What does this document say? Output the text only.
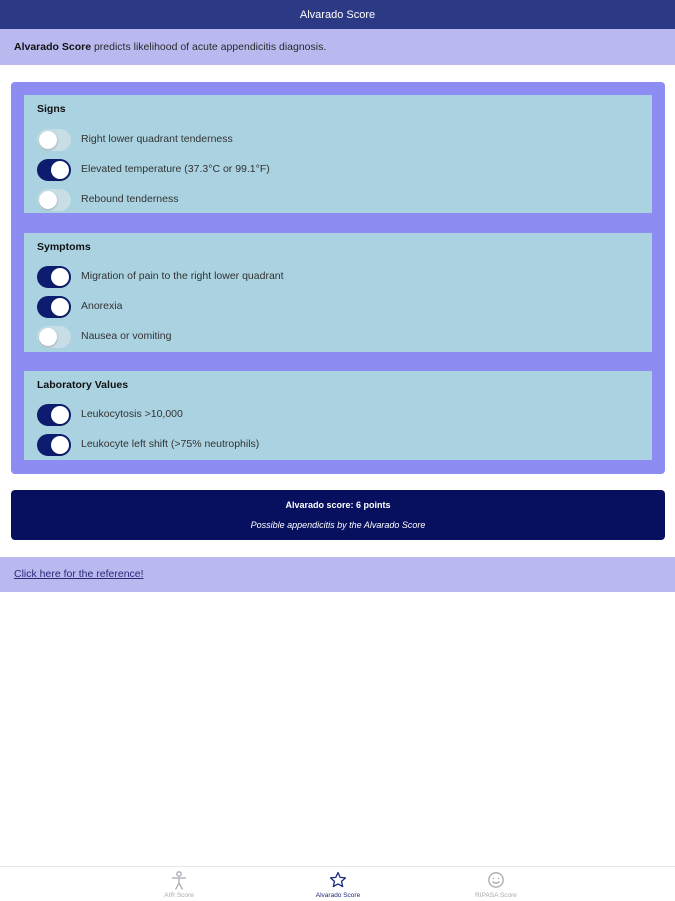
Alvarado Score
Alvarado Score predicts likelihood of acute appendicitis diagnosis.
Signs
Right lower quadrant tenderness
Elevated temperature (37.3°C or 99.1°F)
Rebound tenderness
Symptoms
Migration of pain to the right lower quadrant
Anorexia
Nausea or vomiting
Laboratory Values
Leukocytosis >10,000
Leukocyte left shift (>75% neutrophils)
Alvarado score: 6 points
Possible appendicitis by the Alvarado Score
Click here for the reference!
AIR Score	Alvarado Score	RIPASA Score
